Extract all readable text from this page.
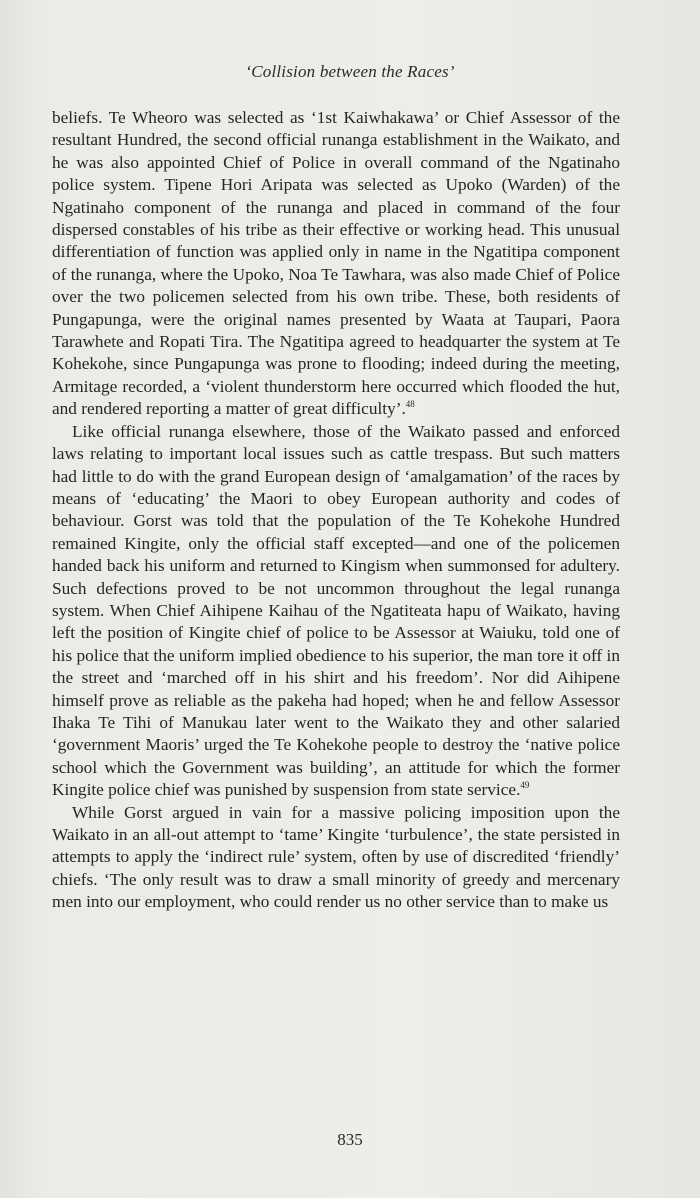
‘Collision between the Races’

beliefs. Te Wheoro was selected as ‘1st Kaiwhakawa’ or Chief Assessor of the resultant Hundred, the second official runanga establishment in the Waikato, and he was also appointed Chief of Police in overall command of the Ngatinaho police system. Tipene Hori Aripata was selected as Upoko (Warden) of the Ngatinaho component of the runanga and placed in command of the four dispersed constables of his tribe as their effective or working head. This unusual differentiation of function was applied only in name in the Ngatitipa component of the runanga, where the Upoko, Noa Te Tawhara, was also made Chief of Police over the two policemen selected from his own tribe. These, both residents of Pungapunga, were the original names presented by Waata at Taupari, Paora Tarawhete and Ropati Tira. The Ngatitipa agreed to headquarter the system at Te Kohekohe, since Pungapunga was prone to flooding; indeed during the meeting, Armitage recorded, a ‘violent thunderstorm here occurred which flooded the hut, and rendered reporting a matter of great difficulty’.$^{48}$

Like official runanga elsewhere, those of the Waikato passed and enforced laws relating to important local issues such as cattle trespass. But such matters had little to do with the grand European design of ‘amalgamation’ of the races by means of ‘educating’ the Maori to obey European authority and codes of behaviour. Gorst was told that the population of the Te Kohekohe Hundred remained Kingite, only the official staff excepted—and one of the policemen handed back his uniform and returned to Kingism when summonsed for adultery. Such defections proved to be not uncommon throughout the legal runanga system. When Chief Aihipene Kaihau of the Ngatiteata hapu of Waikato, having left the position of Kingite chief of police to be Assessor at Waiuku, told one of his police that the uniform implied obedience to his superior, the man tore it off in the street and ‘marched off in his shirt and his freedom’. Nor did Aihipene himself prove as reliable as the pakeha had hoped; when he and fellow Assessor Ihaka Te Tihi of Manukau later went to the Waikato they and other salaried ‘government Maoris’ urged the Te Kohekohe people to destroy the ‘native police school which the Government was building’, an attitude for which the former Kingite police chief was punished by suspension from state service.$^{49}$

While Gorst argued in vain for a massive policing imposition upon the Waikato in an all-out attempt to ‘tame’ Kingite ‘turbulence’, the state persisted in attempts to apply the ‘indirect rule’ system, often by use of discredited ‘friendly’ chiefs. ‘The only result was to draw a small minority of greedy and mercenary men into our employment, who could render us no other service than to make us

835
